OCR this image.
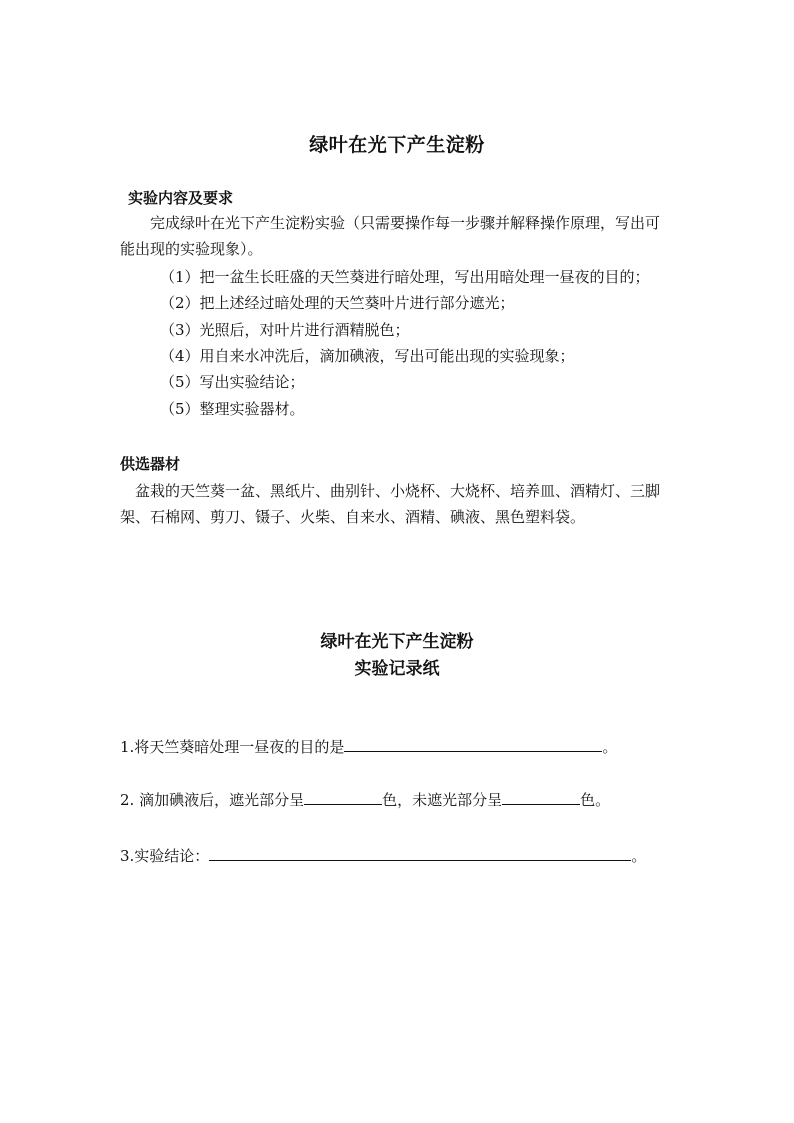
绿叶在光下产生淀粉
实验内容及要求
完成绿叶在光下产生淀粉实验（只需要操作每一步骤并解释操作原理，写出可能出现的实验现象）。
（1）把一盆生长旺盛的天竺葵进行暗处理，写出用暗处理一昼夜的目的；
（2）把上述经过暗处理的天竺葵叶片进行部分遮光；
（3）光照后，对叶片进行酒精脱色；
（4）用自来水冲洗后，滴加碘液，写出可能出现的实验现象；
（5）写出实验结论；
（5）整理实验器材。
供选器材
盆栽的天竺葵一盆、黑纸片、曲别针、小烧杯、大烧杯、培养皿、酒精灯、三脚架、石棉网、剪刀、镊子、火柴、自来水、酒精、碘液、黑色塑料袋。
绿叶在光下产生淀粉
实验记录纸
1.将天竺葵暗处理一昼夜的目的是	。
2. 滴加碘液后，遮光部分呈	色，未遮光部分呈	色。
3.实验结论：	。
